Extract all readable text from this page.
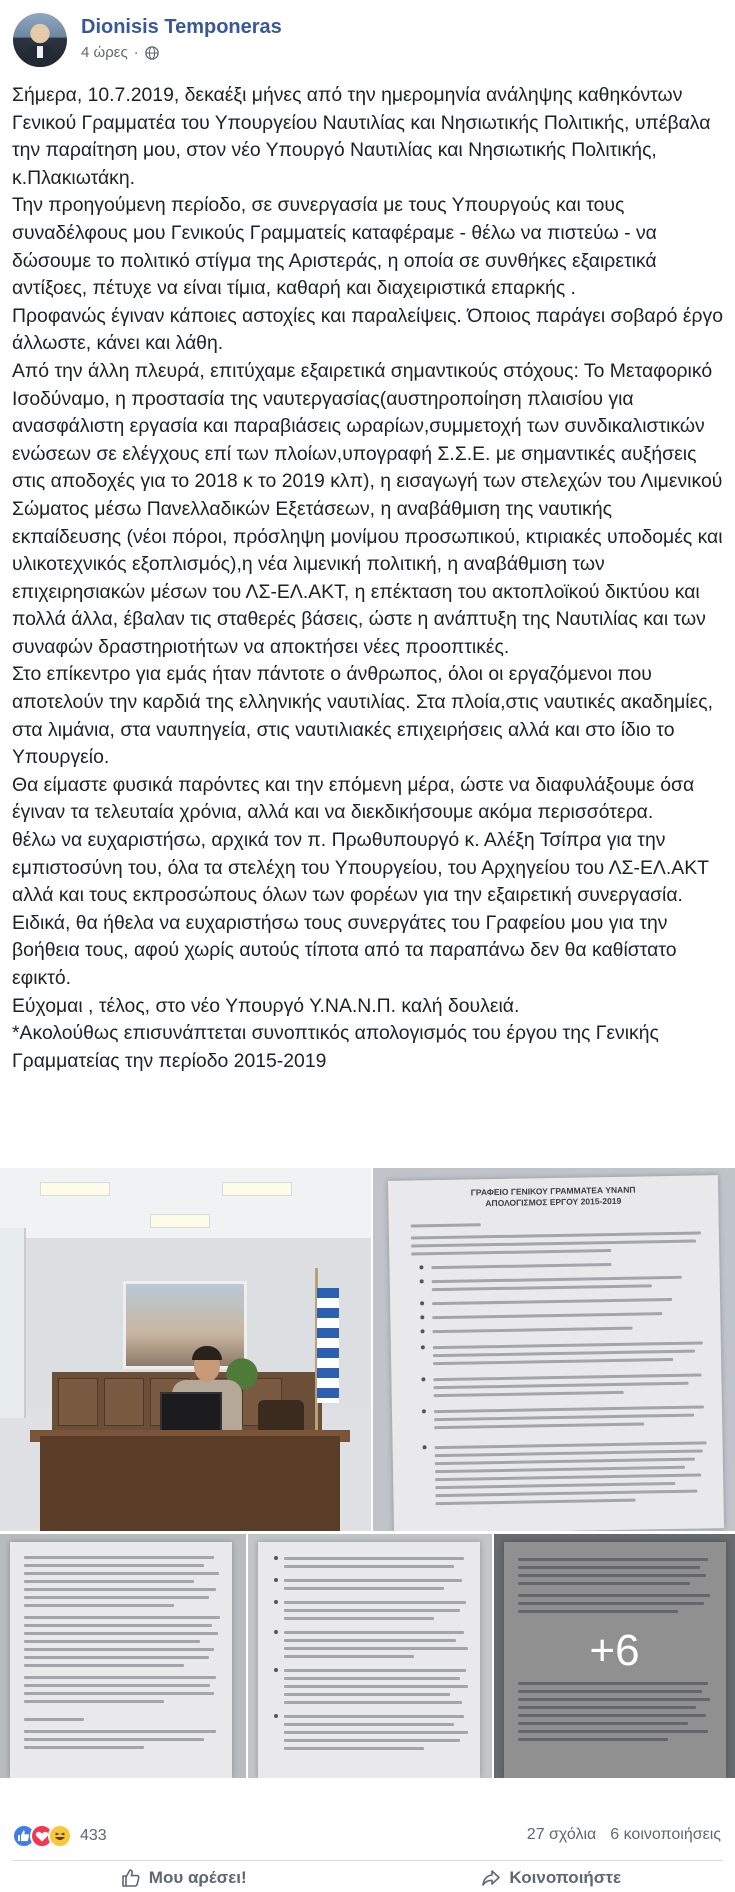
Dionisis Temponeras
4 ώρες ·

Σήμερα, 10.7.2019, δεκαέξι μήνες από την ημερομηνία ανάληψης καθηκόντων Γενικού Γραμματέα του Υπουργείου Ναυτιλίας και Νησιωτικής Πολιτικής, υπέβαλα την παραίτηση μου, στον νέο Υπουργό Ναυτιλίας και Νησιωτικής Πολιτικής, κ.Πλακιωτάκη.

Την προηγούμενη περίοδο, σε συνεργασία με τους Υπουργούς και τους συναδέλφους μου Γενικούς Γραμματείς καταφέραμε - θέλω να πιστεύω - να δώσουμε το πολιτικό στίγμα της Αριστεράς, η οποία σε συνθήκες εξαιρετικά αντίξοες, πέτυχε να είναι τίμια, καθαρή και διαχειριστικά επαρκής .

Προφανώς έγιναν κάποιες αστοχίες και παραλείψεις. Όποιος παράγει σοβαρό έργο άλλωστε, κάνει και λάθη.

Από την άλλη πλευρά, επιτύχαμε εξαιρετικά σημαντικούς στόχους: Το Μεταφορικό Ισοδύναμο, η προστασία της ναυτεργασίας(αυστηροποίηση πλαισίου για ανασφάλιστη εργασία και παραβιάσεις ωραρίων,συμμετοχή των συνδικαλιστικών ενώσεων σε ελέγχους επί των πλοίων,υπογραφή Σ.Σ.Ε. με σημαντικές αυξήσεις στις αποδοχές για το 2018 κ το 2019 κλπ), η εισαγωγή των στελεχών του Λιμενικού Σώματος μέσω Πανελλαδικών Εξετάσεων, η αναβάθμιση της ναυτικής εκπαίδευσης (νέοι πόροι, πρόσληψη μονίμου προσωπικού, κτιριακές υποδομές και υλικοτεχνικός εξοπλισμός),η νέα λιμενική πολιτική, η αναβάθμιση των επιχειρησιακών μέσων του ΛΣ-ΕΛ.ΑΚΤ, η επέκταση του ακτοπλοϊκού δικτύου και πολλά άλλα, έβαλαν τις σταθερές βάσεις, ώστε η ανάπτυξη της Ναυτιλίας και των συναφών δραστηριοτήτων να αποκτήσει νέες προοπτικές.

Στο επίκεντρο για εμάς ήταν πάντοτε ο άνθρωπος, όλοι οι εργαζόμενοι που αποτελούν την καρδιά της ελληνικής ναυτιλίας. Στα πλοία,στις ναυτικές ακαδημίες, στα λιμάνια, στα ναυπηγεία, στις ναυτιλιακές επιχειρήσεις αλλά και στο ίδιο το Υπουργείο.

Θα είμαστε φυσικά παρόντες και την επόμενη μέρα, ώστε να διαφυλάξουμε όσα έγιναν τα τελευταία χρόνια, αλλά και να διεκδικήσουμε ακόμα περισσότερα.

θέλω να ευχαριστήσω, αρχικά τον π. Πρωθυπουργό κ. Αλέξη Τσίπρα για την εμπιστοσύνη του, όλα τα στελέχη του Υπουργείου, του Αρχηγείου του ΛΣ-ΕΛ.ΑΚΤ αλλά και τους εκπροσώπους όλων των φορέων για την εξαιρετική συνεργασία.

Ειδικά, θα ήθελα να ευχαριστήσω τους συνεργάτες του Γραφείου μου για την βοήθεια τους, αφού χωρίς αυτούς τίποτα από τα παραπάνω δεν θα καθίστατο εφικτό.

Εύχομαι , τέλος, στο νέο Υπουργό Υ.ΝΑ.Ν.Π. καλή δουλειά.

*Ακολούθως επισυνάπτεται συνοπτικός απολογισμός του έργου της Γενικής Γραμματείας την περίοδο 2015-2019

ΓΡΑΦΕΙΟ ΓΕΝΙΚΟΥ ΓΡΑΜΜΑΤΕΑ ΥΝΑΝΠ
ΑΠΟΛΟΓΙΣΜΟΣ ΕΡΓΟΥ 2015-2019
+6
433	27 σχόλια 6 κοινοποιήσεις
Μου αρέσει!	Κοινοποιήστε
